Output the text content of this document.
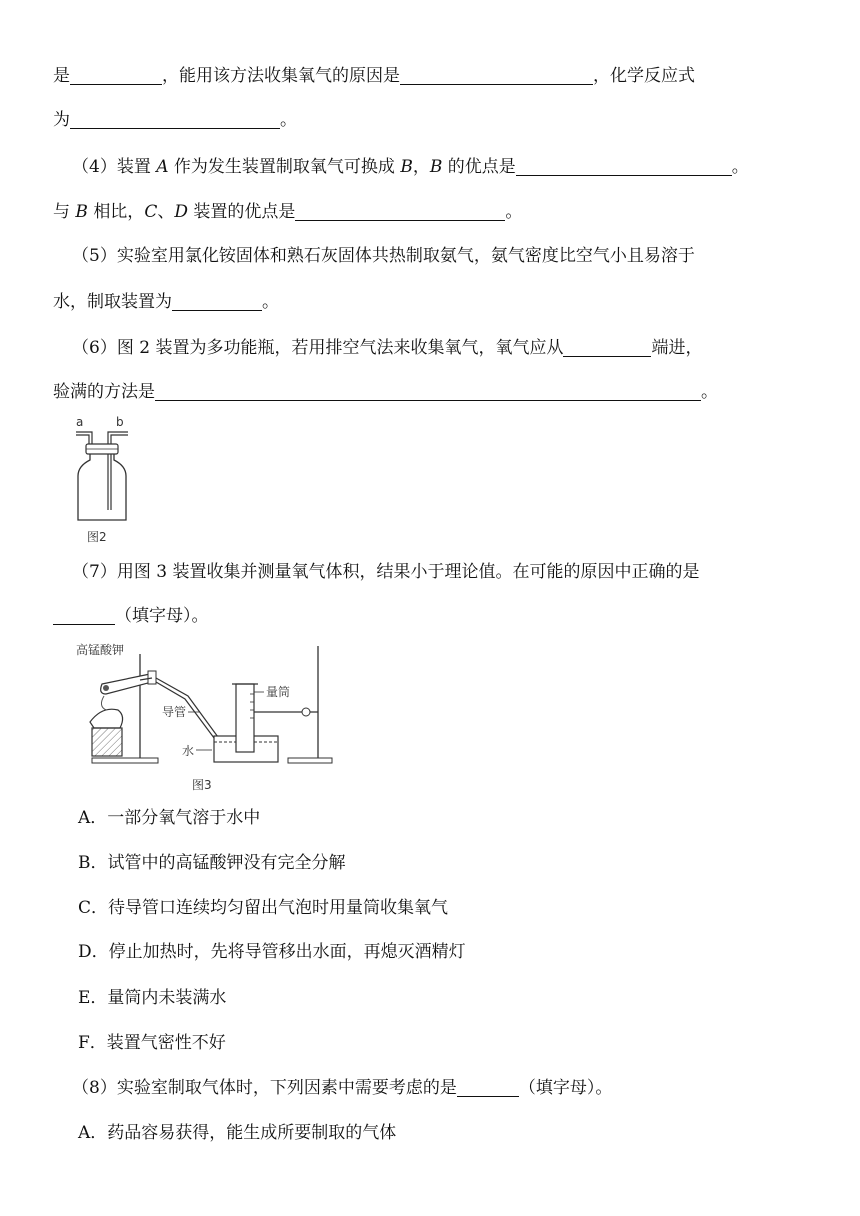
是	，能用该方法收集氧气的原因是	，化学反应式
为	。
（4）装置 A 作为发生装置制取氧气可换成 B，B 的优点是	。
与 B 相比，C、D 装置的优点是	。
（5）实验室用氯化铵固体和熟石灰固体共热制取氨气，氨气密度比空气小且易溶于
水，制取装置为	。
（6）图 2 装置为多功能瓶，若用排空气法来收集氧气，氧气应从	端进，
验满的方法是	。
a	b
图2
（7）用图 3 装置收集并测量氧气体积，结果小于理论值。在可能的原因中正确的是
（填字母）。
高锰酸钾
导管
水
量筒
图3
A．一部分氧气溶于水中
B．试管中的高锰酸钾没有完全分解
C．待导管口连续均匀留出气泡时用量筒收集氧气
D．停止加热时，先将导管移出水面，再熄灭酒精灯
E．量筒内未装满水
F．装置气密性不好
（8）实验室制取气体时，下列因素中需要考虑的是	（填字母）。
A．药品容易获得，能生成所要制取的气体
